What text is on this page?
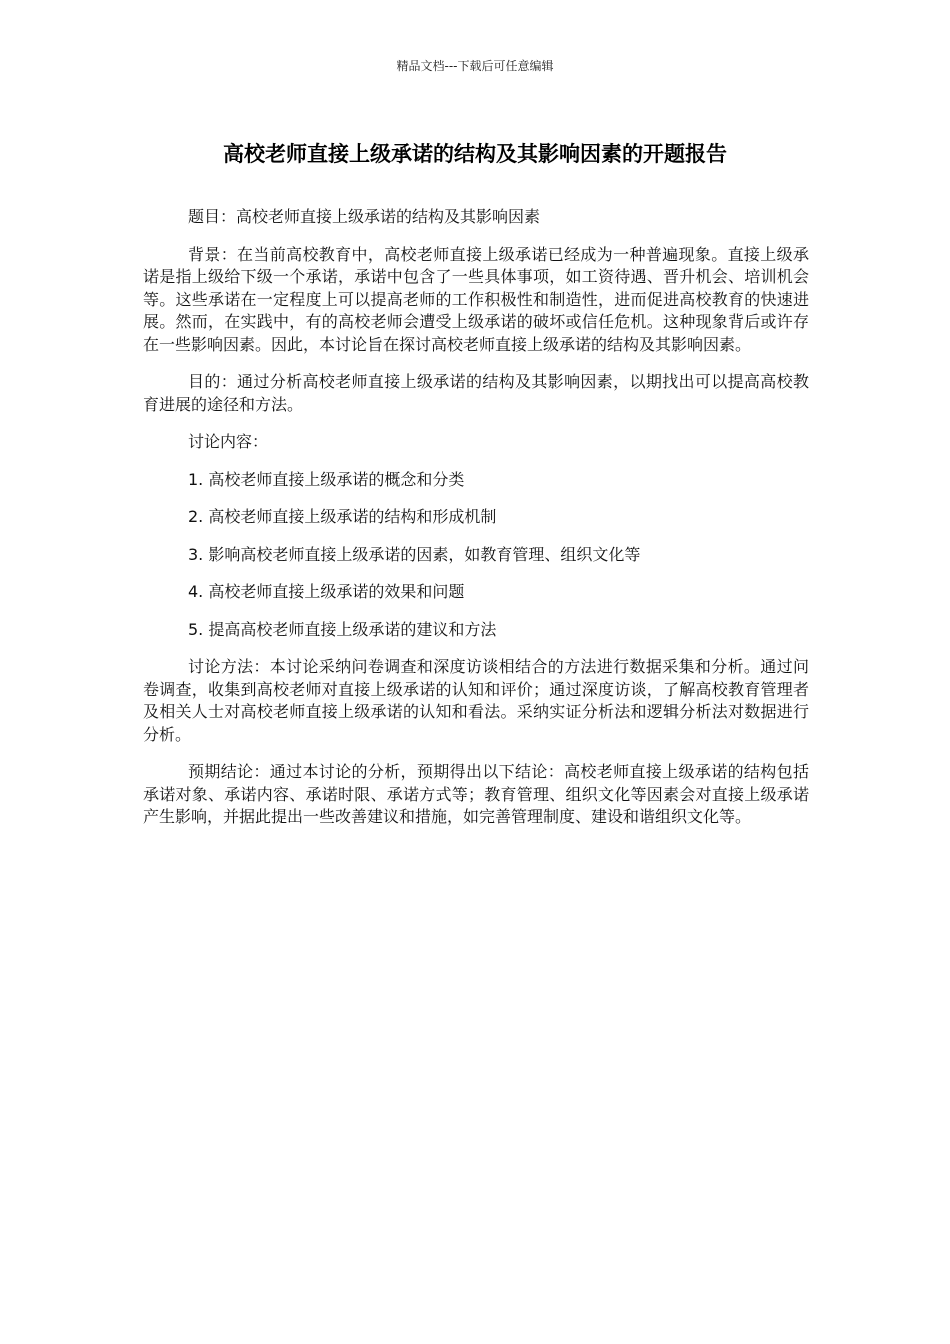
精品文档---下载后可任意编辑
高校老师直接上级承诺的结构及其影响因素的开题报告

题目：高校老师直接上级承诺的结构及其影响因素

背景：在当前高校教育中，高校老师直接上级承诺已经成为一种普遍现象。直接上级承诺是指上级给下级一个承诺，承诺中包含了一些具体事项，如工资待遇、晋升机会、培训机会等。这些承诺在一定程度上可以提高老师的工作积极性和制造性，进而促进高校教育的快速进展。然而，在实践中，有的高校老师会遭受上级承诺的破坏或信任危机。这种现象背后或许存在一些影响因素。因此，本讨论旨在探讨高校老师直接上级承诺的结构及其影响因素。

目的：通过分析高校老师直接上级承诺的结构及其影响因素，以期找出可以提高高校教育进展的途径和方法。

讨论内容：

1. 高校老师直接上级承诺的概念和分类

2. 高校老师直接上级承诺的结构和形成机制

3. 影响高校老师直接上级承诺的因素，如教育管理、组织文化等

4. 高校老师直接上级承诺的效果和问题

5. 提高高校老师直接上级承诺的建议和方法

讨论方法：本讨论采纳问卷调查和深度访谈相结合的方法进行数据采集和分析。通过问卷调查，收集到高校老师对直接上级承诺的认知和评价；通过深度访谈，了解高校教育管理者及相关人士对高校老师直接上级承诺的认知和看法。采纳实证分析法和逻辑分析法对数据进行分析。

预期结论：通过本讨论的分析，预期得出以下结论：高校老师直接上级承诺的结构包括承诺对象、承诺内容、承诺时限、承诺方式等；教育管理、组织文化等因素会对直接上级承诺产生影响，并据此提出一些改善建议和措施，如完善管理制度、建设和谐组织文化等。
